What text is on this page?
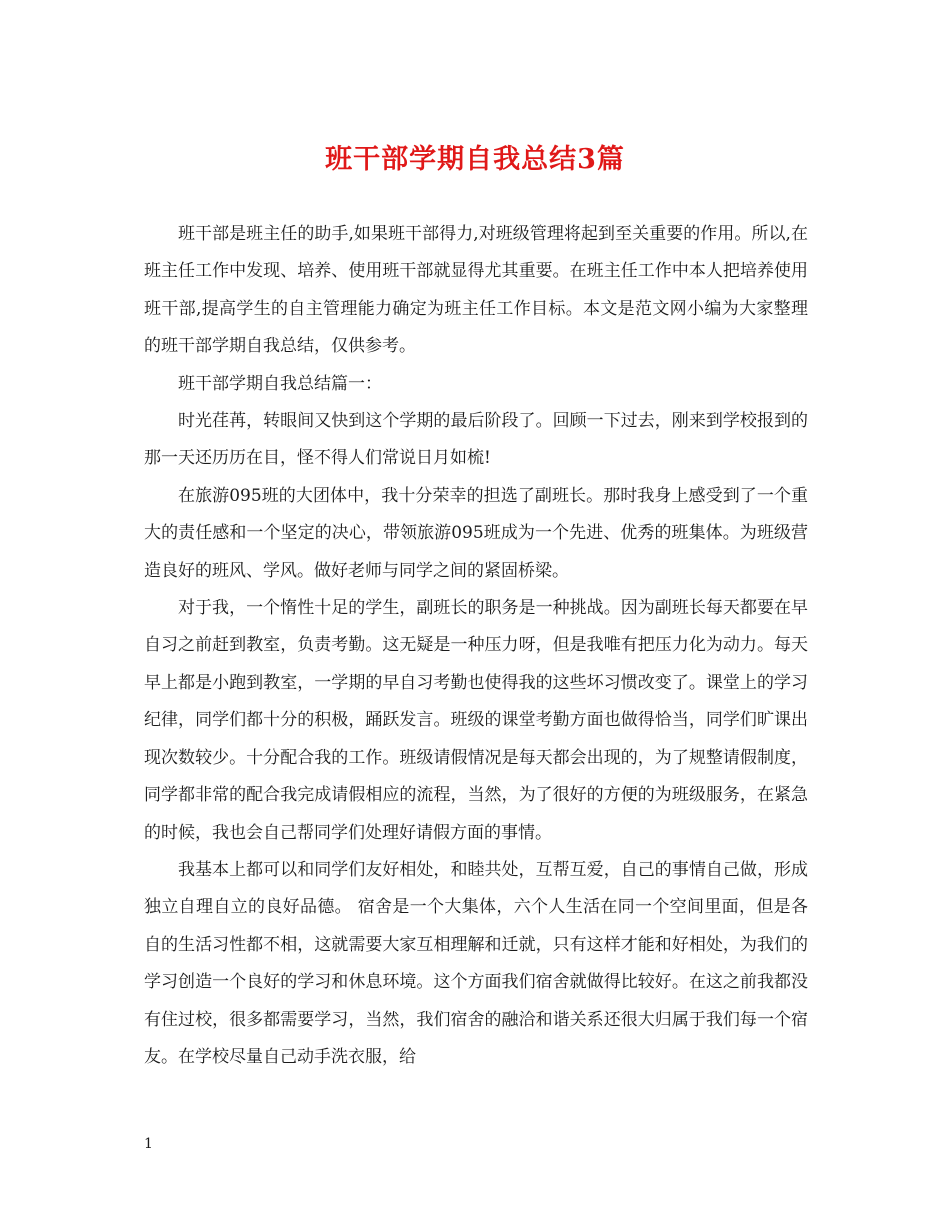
班干部学期自我总结3篇

班干部是班主任的助手,如果班干部得力,对班级管理将起到至关重要的作用。所以,在班主任工作中发现、培养、使用班干部就显得尤其重要。在班主任工作中本人把培养使用班干部,提高学生的自主管理能力确定为班主任工作目标。本文是范文网小编为大家整理的班干部学期自我总结，仅供参考。

班干部学期自我总结篇一：

时光荏苒，转眼间又快到这个学期的最后阶段了。回顾一下过去，刚来到学校报到的那一天还历历在目，怪不得人们常说日月如梳!

在旅游095班的大团体中，我十分荣幸的担选了副班长。那时我身上感受到了一个重大的责任感和一个坚定的决心，带领旅游095班成为一个先进、优秀的班集体。为班级营造良好的班风、学风。做好老师与同学之间的紧固桥梁。

对于我，一个惰性十足的学生，副班长的职务是一种挑战。因为副班长每天都要在早自习之前赶到教室，负责考勤。这无疑是一种压力呀，但是我唯有把压力化为动力。每天早上都是小跑到教室，一学期的早自习考勤也使得我的这些坏习惯改变了。课堂上的学习纪律，同学们都十分的积极，踊跃发言。班级的课堂考勤方面也做得恰当，同学们旷课出现次数较少。十分配合我的工作。班级请假情况是每天都会出现的，为了规整请假制度，同学都非常的配合我完成请假相应的流程，当然，为了很好的方便的为班级服务，在紧急的时候，我也会自己帮同学们处理好请假方面的事情。

我基本上都可以和同学们友好相处，和睦共处，互帮互爱，自己的事情自己做，形成独立自理自立的良好品德。 宿舍是一个大集体，六个人生活在同一个空间里面，但是各自的生活习性都不相，这就需要大家互相理解和迁就，只有这样才能和好相处，为我们的学习创造一个良好的学习和休息环境。这个方面我们宿舍就做得比较好。在这之前我都没有住过校，很多都需要学习，当然，我们宿舍的融洽和谐关系还很大归属于我们每一个宿友。在学校尽量自己动手洗衣服，给

1
